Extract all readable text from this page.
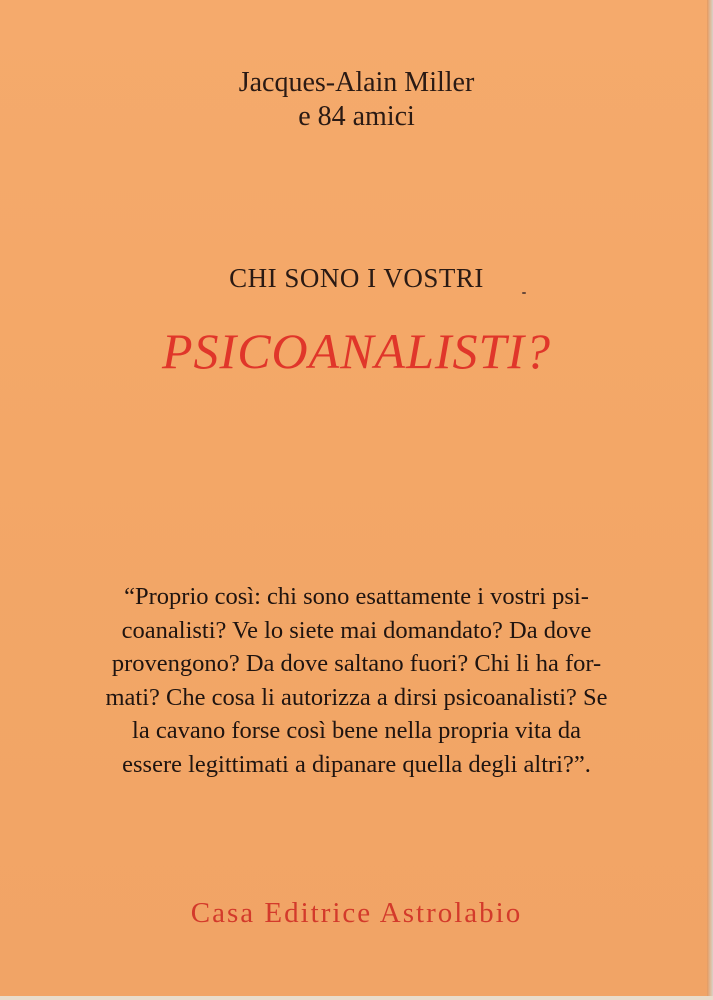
Jacques-Alain Miller
e 84 amici
CHI SONO I VOSTRI
PSICOANALISTI?
“Proprio così: chi sono esattamente i vostri psi-
coanalisti? Ve lo siete mai domandato? Da dove
provengono? Da dove saltano fuori? Chi li ha for-
mati? Che cosa li autorizza a dirsi psicoanalisti? Se
la cavano forse così bene nella propria vita da
essere legittimati a dipanare quella degli altri?”.
Casa Editrice Astrolabio
